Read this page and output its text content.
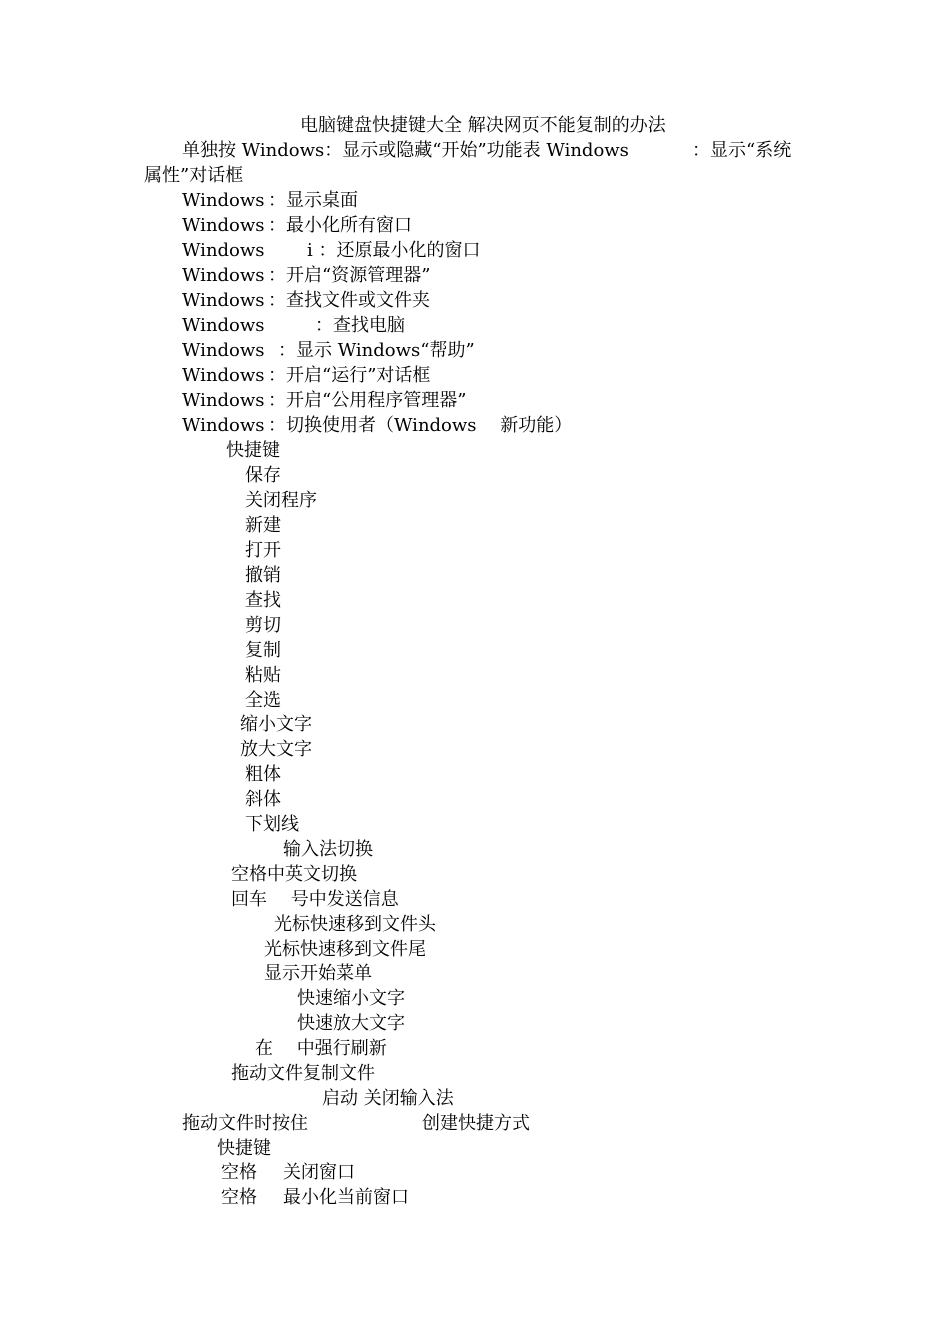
电脑键盘快捷键大全 解决网页不能复制的办法
单独按 Windows：显示或隐藏“开始”功能表 Windows	：显示“系统
属性”对话框
Windows ：显示桌面
Windows ：最小化所有窗口
Windows i ：还原最小化的窗口
Windows ：开启“资源管理器”
Windows ：查找文件或文件夹
Windows	：查找电脑
Windows ：显示 Windows“帮助”
Windows ：开启“运行”对话框
Windows ：开启“公用程序管理器”
Windows ：切换使用者（Windows　 新功能）
快捷键
保存
关闭程序
新建
打开
撤销
查找
剪切
复制
粘贴
全选
缩小文字
放大文字
粗体
斜体
下划线
输入法切换
空格中英文切换
回车　 号中发送信息
光标快速移到文件头
光标快速移到文件尾
显示开始菜单
快速缩小文字
快速放大文字
在　 中强行刷新
拖动文件复制文件
启动 关闭输入法
拖动文件时按住	创建快捷方式
快捷键
空格 关闭窗口
空格 最小化当前窗口
